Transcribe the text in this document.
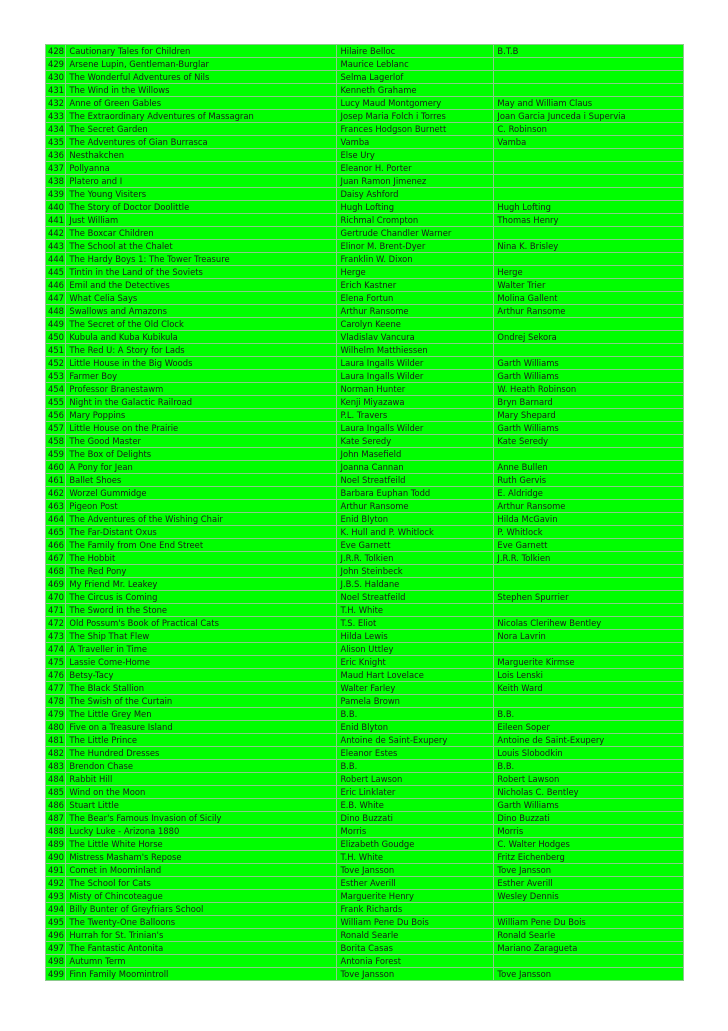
428	Cautionary Tales for Children	Hilaire Belloc	B.T.B
429	Arsene Lupin, Gentleman-Burglar	Maurice Leblanc	
430	The Wonderful Adventures of Nils	Selma Lagerlof	
431	The Wind in the Willows	Kenneth Grahame	
432	Anne of Green Gables	Lucy Maud Montgomery	May and William Claus
433	The Extraordinary Adventures of Massagran	Josep Maria Folch i Torres	Joan Garcia Junceda i Supervia
434	The Secret Garden	Frances Hodgson Burnett	C. Robinson
435	The Adventures of Gian Burrasca	Vamba	Vamba
436	Nesthakchen	Else Ury	
437	Pollyanna	Eleanor H. Porter	
438	Platero and I	Juan Ramon Jimenez	
439	The Young Visiters	Daisy Ashford	
440	The Story of Doctor Doolittle	Hugh Lofting	Hugh Lofting
441	Just William	Richmal Crompton	Thomas Henry
442	The Boxcar Children	Gertrude Chandler Warner	
443	The School at the Chalet	Elinor M. Brent-Dyer	Nina K. Brisley
444	The Hardy Boys 1: The Tower Treasure	Franklin W. Dixon	
445	Tintin in the Land of the Soviets	Herge	Herge
446	Emil and the Detectives	Erich Kastner	Walter Trier
447	What Celia Says	Elena Fortun	Molina Gallent
448	Swallows and Amazons	Arthur Ransome	Arthur Ransome
449	The Secret of the Old Clock	Carolyn Keene	
450	Kubula and Kuba Kubikula	Vladislav Vancura	Ondrej Sekora
451	The Red U: A Story for Lads	Wilhelm Matthiessen	
452	Little House in the Big Woods	Laura Ingalls Wilder	Garth Williams
453	Farmer Boy	Laura Ingalls Wilder	Garth Williams
454	Professor Branestawm	Norman Hunter	W. Heath Robinson
455	Night in the Galactic Railroad	Kenji Miyazawa	Bryn Barnard
456	Mary Poppins	P.L. Travers	Mary Shepard
457	Little House on the Prairie	Laura Ingalls Wilder	Garth Williams
458	The Good Master	Kate Seredy	Kate Seredy
459	The Box of Delights	John Masefield	
460	A Pony for Jean	Joanna Cannan	Anne Bullen
461	Ballet Shoes	Noel Streatfeild	Ruth Gervis
462	Worzel Gummidge	Barbara Euphan Todd	E. Aldridge
463	Pigeon Post	Arthur Ransome	Arthur Ransome
464	The Adventures of the Wishing Chair	Enid Blyton	Hilda McGavin
465	The Far-Distant Oxus	K. Hull and P. Whitlock	P. Whitlock
466	The Family from One End Street	Eve Garnett	Eve Garnett
467	The Hobbit	J.R.R. Tolkien	J.R.R. Tolkien
468	The Red Pony	John Steinbeck	
469	My Friend Mr. Leakey	J.B.S. Haldane	
470	The Circus is Coming	Noel Streatfeild	Stephen Spurrier
471	The Sword in the Stone	T.H. White	
472	Old Possum's Book of Practical Cats	T.S. Eliot	Nicolas Clerihew Bentley
473	The Ship That Flew	Hilda Lewis	Nora Lavrin
474	A Traveller in Time	Alison Uttley	
475	Lassie Come-Home	Eric Knight	Marguerite Kirmse
476	Betsy-Tacy	Maud Hart Lovelace	Lois Lenski
477	The Black Stallion	Walter Farley	Keith Ward
478	The Swish of the Curtain	Pamela Brown	
479	The Little Grey Men	B.B.	B.B.
480	Five on a Treasure Island	Enid Blyton	Eileen Soper
481	The Little Prince	Antoine de Saint-Exupery	Antoine de Saint-Exupery
482	The Hundred Dresses	Eleanor Estes	Louis Slobodkin
483	Brendon Chase	B.B.	B.B.
484	Rabbit Hill	Robert Lawson	Robert Lawson
485	Wind on the Moon	Eric Linklater	Nicholas C. Bentley
486	Stuart Little	E.B. White	Garth Williams
487	The Bear's Famous Invasion of Sicily	Dino Buzzati	Dino Buzzati
488	Lucky Luke - Arizona 1880	Morris	Morris
489	The Little White Horse	Elizabeth Goudge	C. Walter Hodges
490	Mistress Masham's Repose	T.H. White	Fritz Eichenberg
491	Comet in Moominland	Tove Jansson	Tove Jansson
492	The School for Cats	Esther Averill	Esther Averill
493	Misty of Chincoteague	Marguerite Henry	Wesley Dennis
494	Billy Bunter of Greyfriars School	Frank Richards	
495	The Twenty-One Balloons	William Pene Du Bois	William Pene Du Bois
496	Hurrah for St. Trinian's	Ronald Searle	Ronald Searle
497	The Fantastic Antonita	Borita Casas	Mariano Zaragueta
498	Autumn Term	Antonia Forest	
499	Finn Family Moomintroll	Tove Jansson	Tove Jansson
